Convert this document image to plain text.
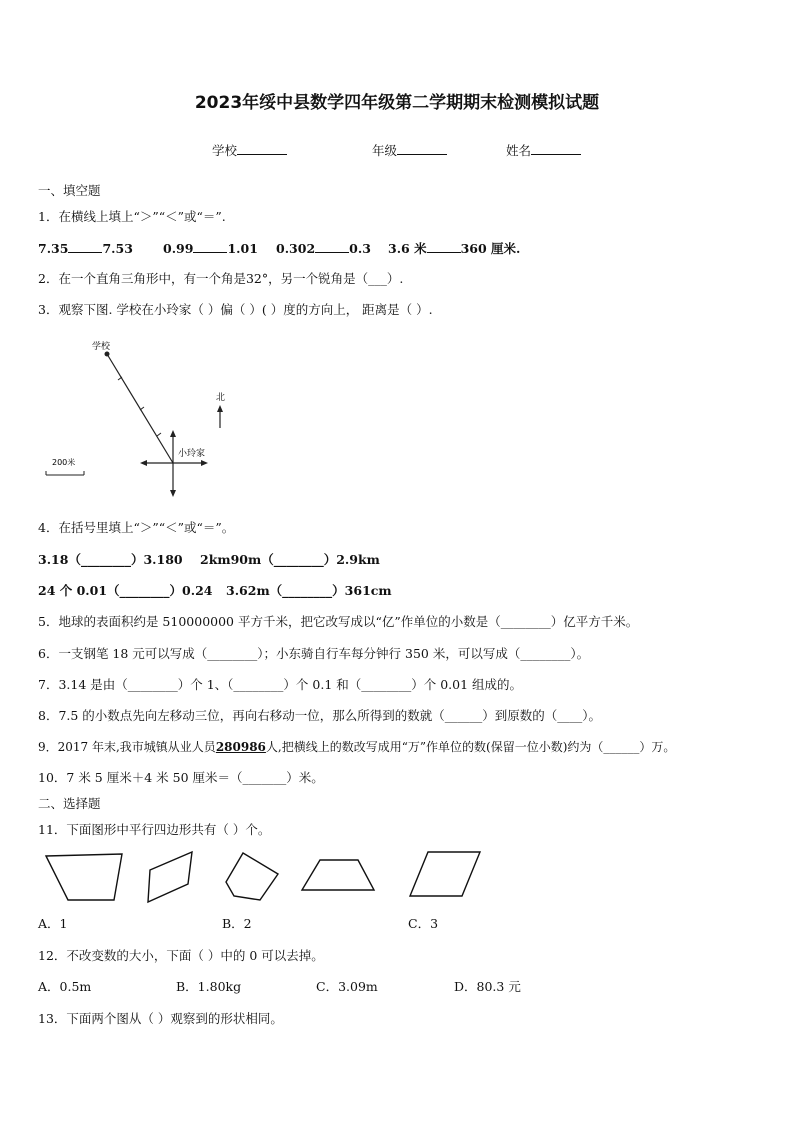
2023年绥中县数学四年级第二学期期末检测模拟试题
学校	年级	姓名
一、填空题
1．在横线上填上“＞”“＜”或“＝”.
7.35	7.53 0.99	1.01 0.302	0.3 3.6 米	360 厘米.
2．在一个直角三角形中，有一个角是32°，另一个锐角是（___）.
3．观察下图. 学校在小玲家（ ）偏（ ）( ）度的方向上， 距离是（ ）.
学校
小玲家
北
200米
4．在括号里填上“＞”“＜”或“＝”。
3.18（________）3.180 2km90m（________）2.9km
24 个 0.01（________）0.24 3.62m（________）361cm
5．地球的表面积约是 510000000 平方千米，把它改写成以“亿”作单位的小数是（________）亿平方千米。
6．一支钢笔 18 元可以写成（________）；小东骑自行车每分钟行 350 米，可以写成（________）。
7．3.14 是由（________）个 1、（________）个 0.1 和（________）个 0.01 组成的。
8．7.5 的小数点先向左移动三位，再向右移动一位，那么所得到的数就（______）到原数的（____）。
9．2017 年末,我市城镇从业人员280986人,把横线上的数改写成用“万”作单位的数(保留一位小数)约为（______）万。
10．7 米 5 厘米＋4 米 50 厘米＝（_______）米。
二、选择题
11．下面图形中平行四边形共有（ ）个。
A．1	B．2	C．3
12．不改变数的大小，下面（ ）中的 0 可以去掉。
A．0.5m	B．1.80kg	C．3.09m	D．80.3 元
13．下面两个图从（ ）观察到的形状相同。
